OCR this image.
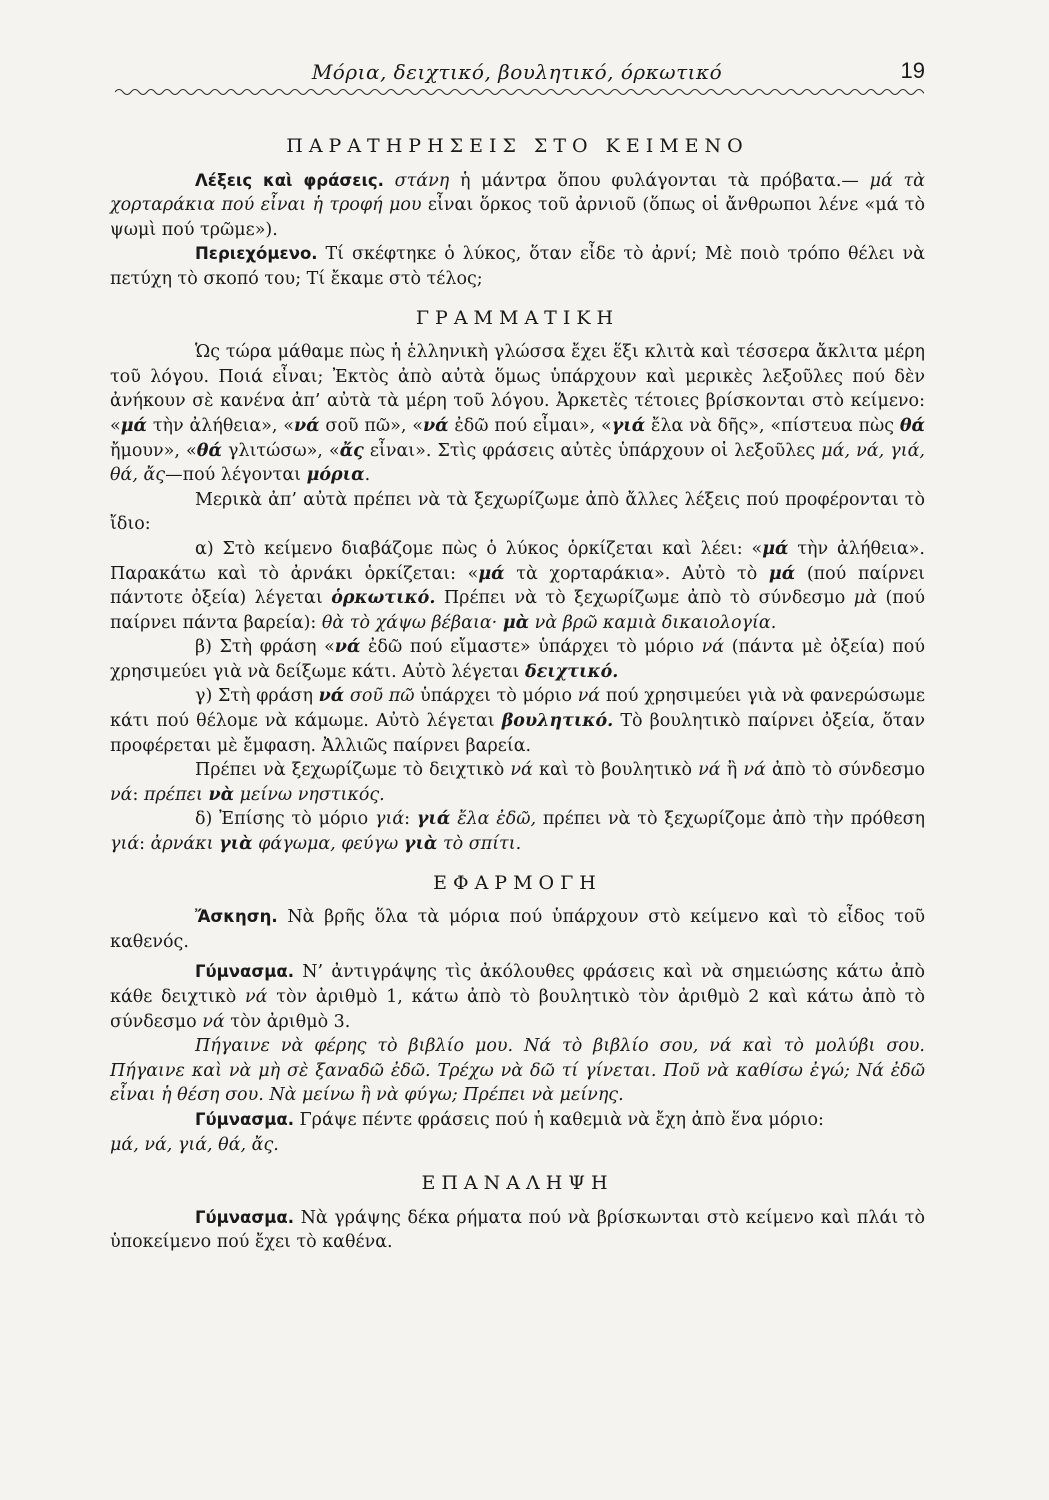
Μόρια, δειχτικό, βουλητικό, όρκωτικό	19
ΠΑΡΑΤΗΡΗΣΕΙΣ ΣΤΟ ΚΕΙΜΕΝΟ

Λέξεις καὶ φράσεις. στάνη ἡ μάντρα ὅπου φυλάγονται τὰ πρόβατα.— μά τὰ χορταράκια πού εἶναι ἡ τροφή μου εἶναι ὅρκος τοῦ ἀρνιοῦ (ὅπως οἱ ἄνθρωποι λένε «μά τὸ ψωμὶ πού τρῶμε»).

Περιεχόμενο. Τί σκέφτηκε ὁ λύκος, ὅταν εἶδε τὸ ἀρνί; Μὲ ποιὸ τρόπο θέλει νὰ πετύχη τὸ σκοπό του; Τί ἔκαμε στὸ τέλος;

ΓΡΑΜΜΑΤΙΚΗ

Ὡς τώρα μάθαμε πὼς ἡ ἑλληνικὴ γλώσσα ἔχει ἕξι κλιτὰ καὶ τέσσερα ἄκλιτα μέρη τοῦ λόγου. Ποιά εἶναι; Ἐκτὸς ἀπὸ αὐτὰ ὅμως ὑπάρχουν καὶ μερικὲς λεξοῦλες πού δὲν ἀνήκουν σὲ κανένα ἀπ’ αὐτὰ τὰ μέρη τοῦ λόγου. Ἀρκετὲς τέτοιες βρίσκονται στὸ κείμενο: «μά τὴν ἀλήθεια», «νά σοῦ πῶ», «νά ἐδῶ πού εἶμαι», «γιά ἔλα νὰ δῆς», «πίστευα πὼς θά ἤμουν», «θά γλιτώσω», «ἄς εἶναι». Στὶς φράσεις αὐτὲς ὑπάρχουν οἱ λεξοῦλες μά, νά, γιά, θά, ἄς—πού λέγονται μόρια.

Μερικὰ ἀπ’ αὐτὰ πρέπει νὰ τὰ ξεχωρίζωμε ἀπὸ ἄλλες λέξεις πού προφέρονται τὸ ἴδιο:

α) Στὸ κείμενο διαβάζομε πὼς ὁ λύκος ὁρκίζεται καὶ λέει: «μά τὴν ἀλήθεια». Παρακάτω καὶ τὸ ἀρνάκι ὁρκίζεται: «μά τὰ χορταράκια». Αὐτὸ τὸ μά (πού παίρνει πάντοτε ὀξεία) λέγεται ὁρκωτικό. Πρέπει νὰ τὸ ξεχωρίζωμε ἀπὸ τὸ σύνδεσμο μὰ (πού παίρνει πάντα βαρεία): θὰ τὸ χάψω βέβαια· μὰ νὰ βρῶ καμιὰ δικαιολογία.

β) Στὴ φράση «νά ἐδῶ πού εἴμαστε» ὑπάρχει τὸ μόριο νά (πάντα μὲ ὀξεία) πού χρησιμεύει γιὰ νὰ δείξωμε κάτι. Αὐτὸ λέγεται δειχτικό.

γ) Στὴ φράση νά σοῦ πῶ ὑπάρχει τὸ μόριο νά πού χρησιμεύει γιὰ νὰ φανερώσωμε κάτι πού θέλομε νὰ κάμωμε. Αὐτὸ λέγεται βουλητικό. Τὸ βουλητικὸ παίρνει ὀξεία, ὅταν προφέρεται μὲ ἔμφαση. Ἀλλιῶς παίρνει βαρεία.

Πρέπει νὰ ξεχωρίζωμε τὸ δειχτικὸ νά καὶ τὸ βουλητικὸ νά ἢ νά ἀπὸ τὸ σύνδεσμο νά: πρέπει νὰ μείνω νηστικός.

δ) Ἐπίσης τὸ μόριο γιά: γιά ἔλα ἐδῶ, πρέπει νὰ τὸ ξεχωρίζομε ἀπὸ τὴν πρόθεση γιά: ἀρνάκι γιὰ φάγωμα, φεύγω γιὰ τὸ σπίτι.

ΕΦΑΡΜΟΓΗ

Ἄσκηση. Νὰ βρῆς ὅλα τὰ μόρια πού ὑπάρχουν στὸ κείμενο καὶ τὸ εἶδος τοῦ καθενός.

Γύμνασμα. Ν’ ἀντιγράψης τὶς ἀκόλουθες φράσεις καὶ νὰ σημειώσης κάτω ἀπὸ κάθε δειχτικὸ νά τὸν ἀριθμὸ 1, κάτω ἀπὸ τὸ βουλητικὸ τὸν ἀριθμὸ 2 καὶ κάτω ἀπὸ τὸ σύνδεσμο νά τὸν ἀριθμὸ 3.

Πήγαινε νὰ φέρης τὸ βιβλίο μου. Νά τὸ βιβλίο σου, νά καὶ τὸ μολύβι σου. Πήγαινε καὶ νὰ μὴ σὲ ξαναδῶ ἐδῶ. Τρέχω νὰ δῶ τί γίνεται. Ποῦ νὰ καθίσω ἐγώ; Νά ἐδῶ εἶναι ἡ θέση σου. Νὰ μείνω ἢ νὰ φύγω; Πρέπει νὰ μείνης.

Γύμνασμα. Γράψε πέντε φράσεις πού ἡ καθεμιὰ νὰ ἔχη ἀπὸ ἕνα μόριο:

μά, νά, γιά, θά, ἄς.

ΕΠΑΝΑΛΗΨΗ

Γύμνασμα. Νὰ γράψης δέκα ρήματα πού νὰ βρίσκωνται στὸ κείμενο καὶ πλάι τὸ ὑποκείμενο πού ἔχει τὸ καθένα.
